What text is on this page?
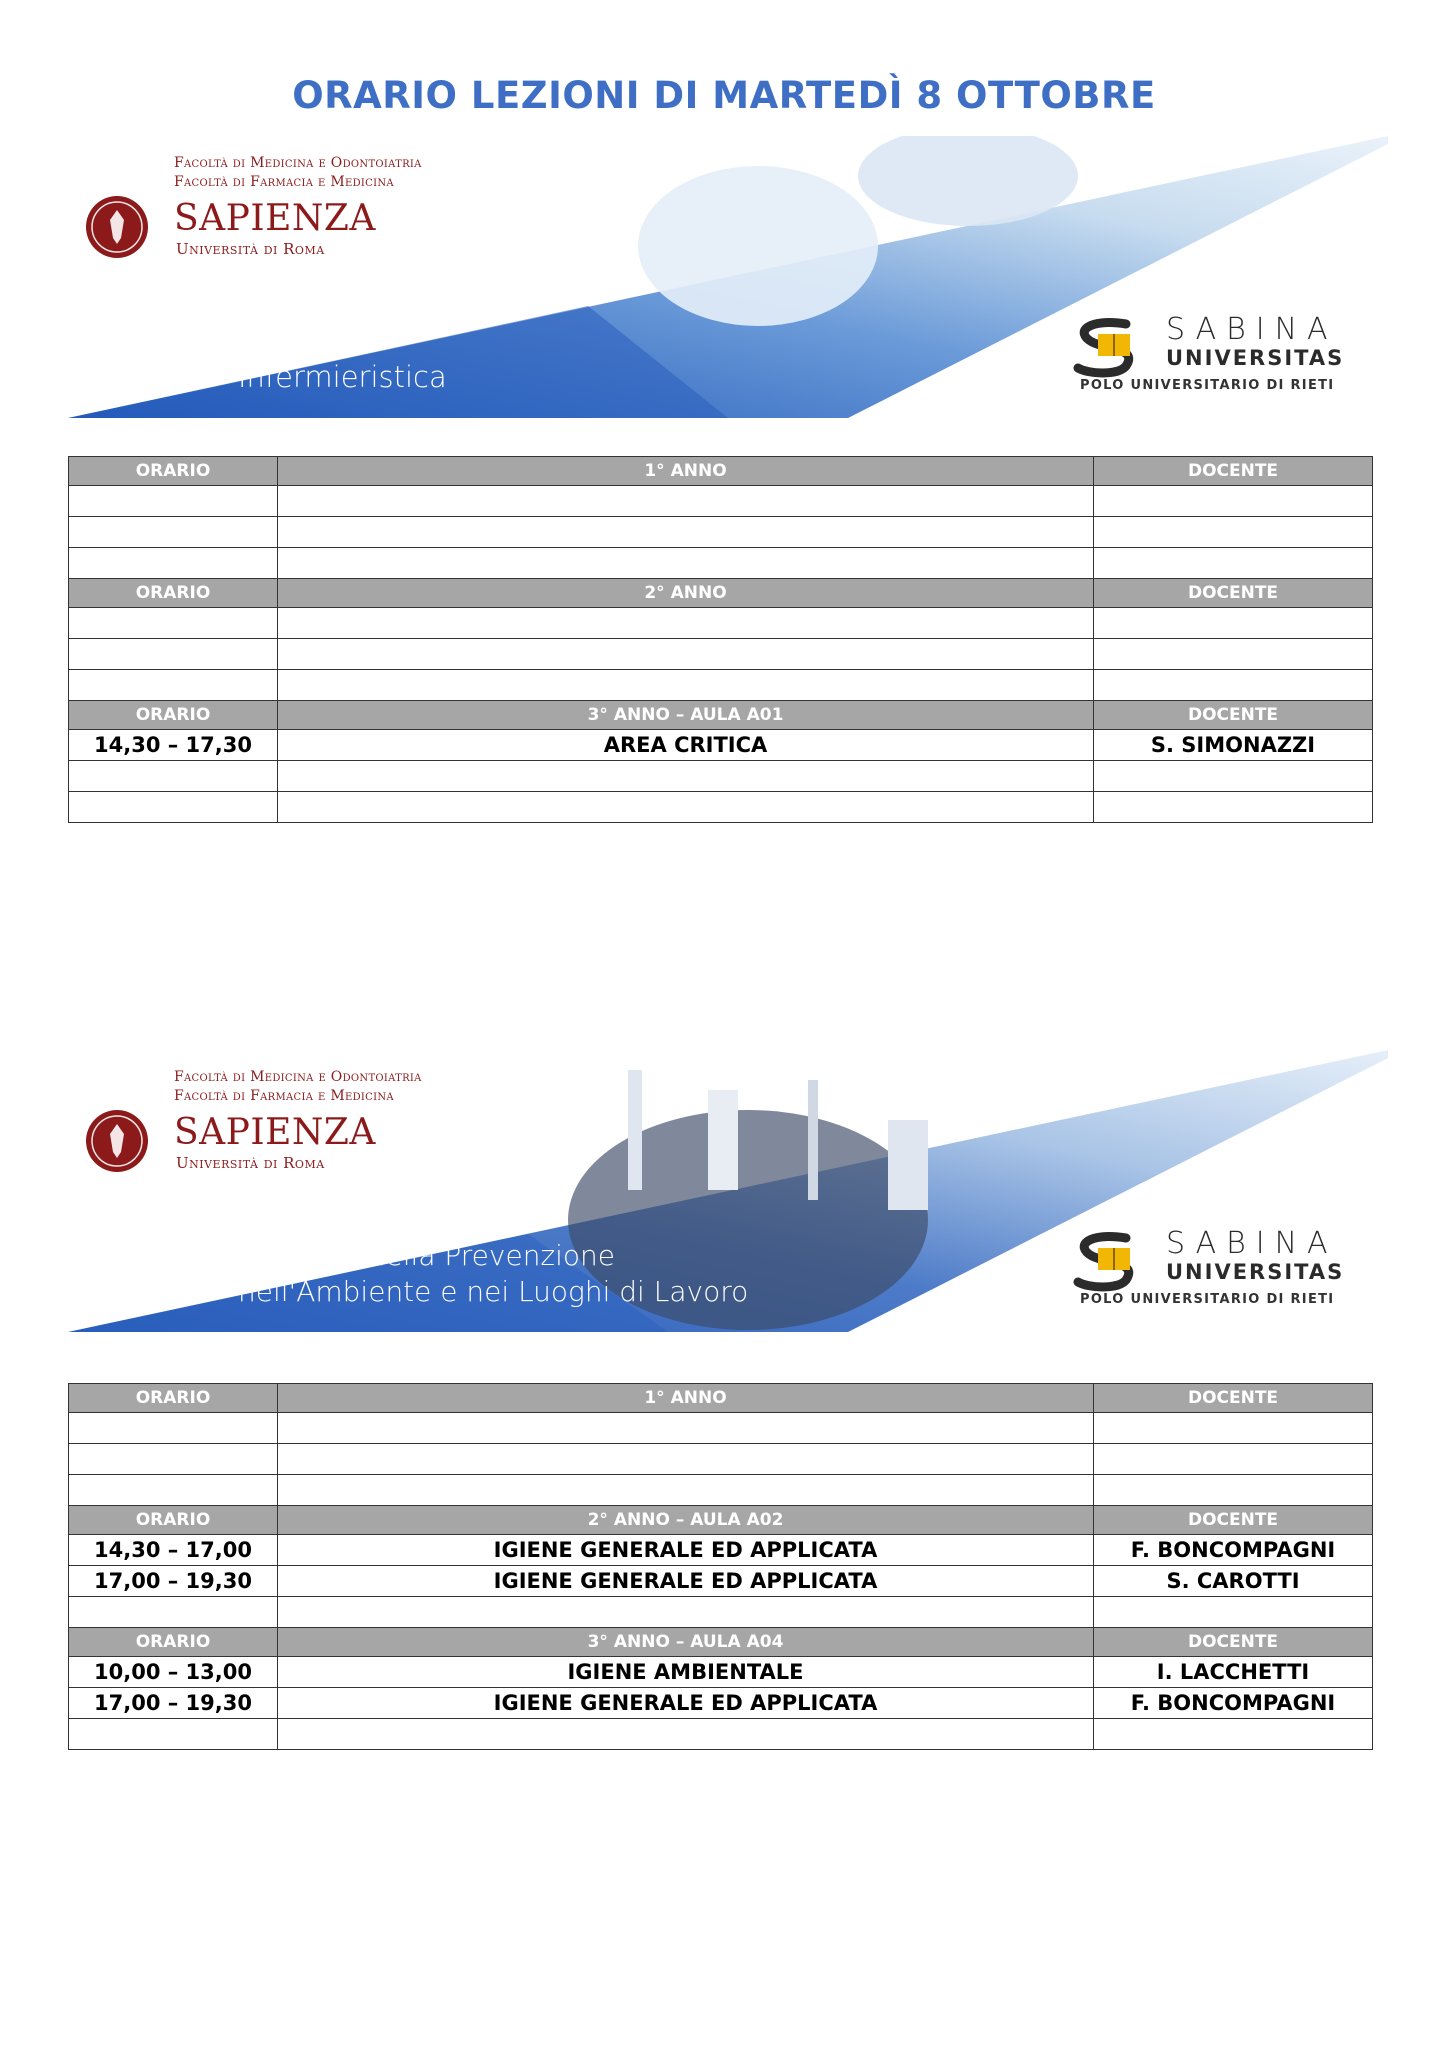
ORARIO LEZIONI DI MARTEDÌ 8 OTTOBRE
Facoltà di Medicina e Odontoiatria
Facoltà di Farmacia e Medicina
SAPIENZA
Università di Roma
Infermieristica
SABINA
UNIVERSITAS
POLO UNIVERSITARIO DI RIETI
ORARIO	1° ANNO	DOCENTE

ORARIO	2° ANNO	DOCENTE

ORARIO	3° ANNO – AULA A01	DOCENTE
14,30 – 17,30	AREA CRITICA	S. SIMONAZZI

Facoltà di Medicina e Odontoiatria
Facoltà di Farmacia e Medicina
SAPIENZA
Università di Roma
Tecniche della Prevenzione
nell'Ambiente e nei Luoghi di Lavoro
SABINA
UNIVERSITAS
POLO UNIVERSITARIO DI RIETI
ORARIO	1° ANNO	DOCENTE

ORARIO	2° ANNO – AULA A02	DOCENTE
14,30 – 17,00	IGIENE GENERALE ED APPLICATA	F. BONCOMPAGNI
17,00 – 19,30	IGIENE GENERALE ED APPLICATA	S. CAROTTI

ORARIO	3° ANNO – AULA A04	DOCENTE
10,00 – 13,00	IGIENE AMBIENTALE	I. LACCHETTI
17,00 – 19,30	IGIENE GENERALE ED APPLICATA	F. BONCOMPAGNI
